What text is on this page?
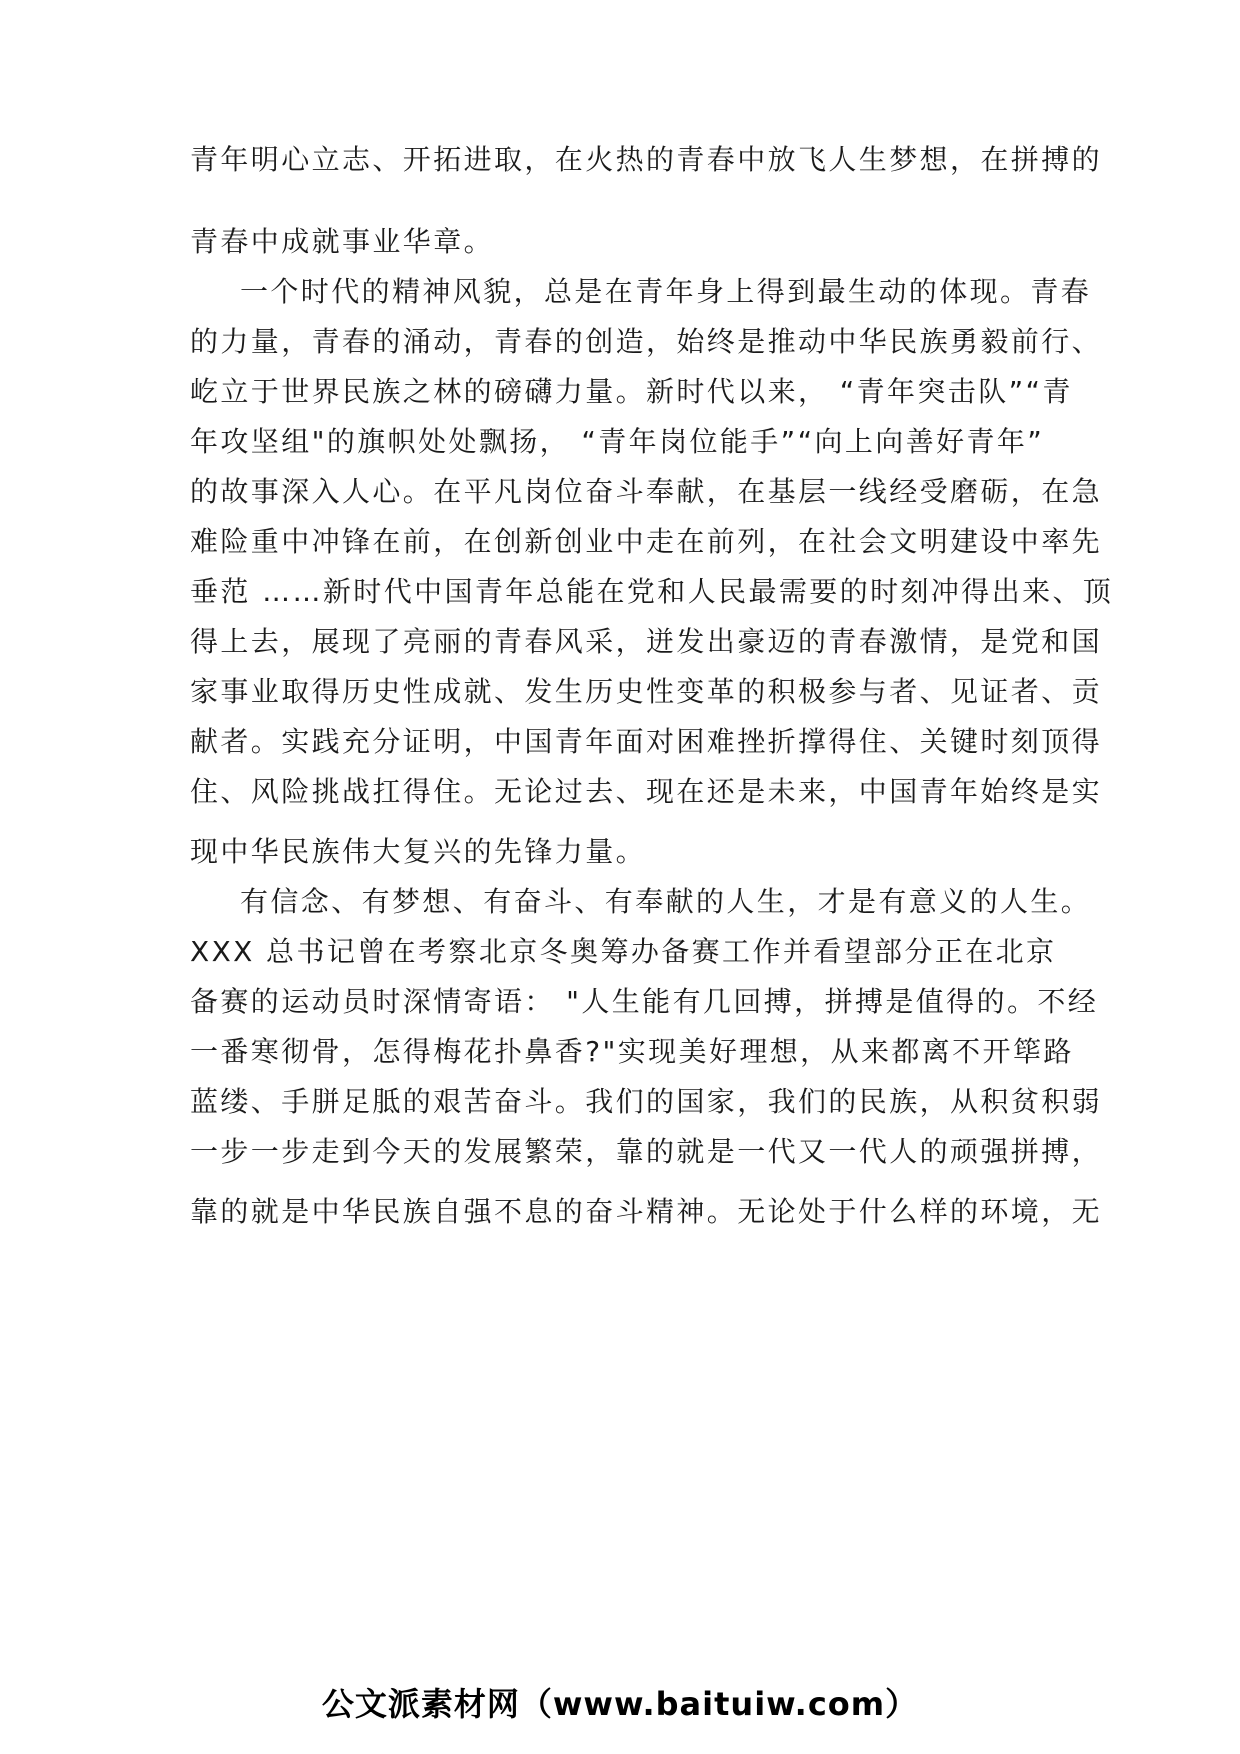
青年明心立志、开拓进取，在火热的青春中放飞人生梦想，在拼搏的
青春中成就事业华章。
一个时代的精神风貌，总是在青年身上得到最生动的体现。青春
的力量，青春的涌动，青春的创造，始终是推动中华民族勇毅前行、
屹立于世界民族之林的磅礴力量。新时代以来， “青年突击队”“青
年攻坚组"的旗帜处处飘扬， “青年岗位能手”“向上向善好青年”
的故事深入人心。在平凡岗位奋斗奉献，在基层一线经受磨砺，在急
难险重中冲锋在前，在创新创业中走在前列，在社会文明建设中率先
垂范 ……新时代中国青年总能在党和人民最需要的时刻冲得出来、顶
得上去，展现了亮丽的青春风采，迸发出豪迈的青春激情，是党和国
家事业取得历史性成就、发生历史性变革的积极参与者、见证者、贡
献者。实践充分证明，中国青年面对困难挫折撑得住、关键时刻顶得
住、风险挑战扛得住。无论过去、现在还是未来，中国青年始终是实
现中华民族伟大复兴的先锋力量。
有信念、有梦想、有奋斗、有奉献的人生，才是有意义的人生。
XXX 总书记曾在考察北京冬奥筹办备赛工作并看望部分正在北京
备赛的运动员时深情寄语： "人生能有几回搏，拼搏是值得的。不经
一番寒彻骨，怎得梅花扑鼻香?"实现美好理想，从来都离不开筚路
蓝缕、手胼足胝的艰苦奋斗。我们的国家，我们的民族，从积贫积弱
一步一步走到今天的发展繁荣，靠的就是一代又一代人的顽强拼搏，
靠的就是中华民族自强不息的奋斗精神。无论处于什么样的环境，无
公文派素材网（www.baituiw.com）
